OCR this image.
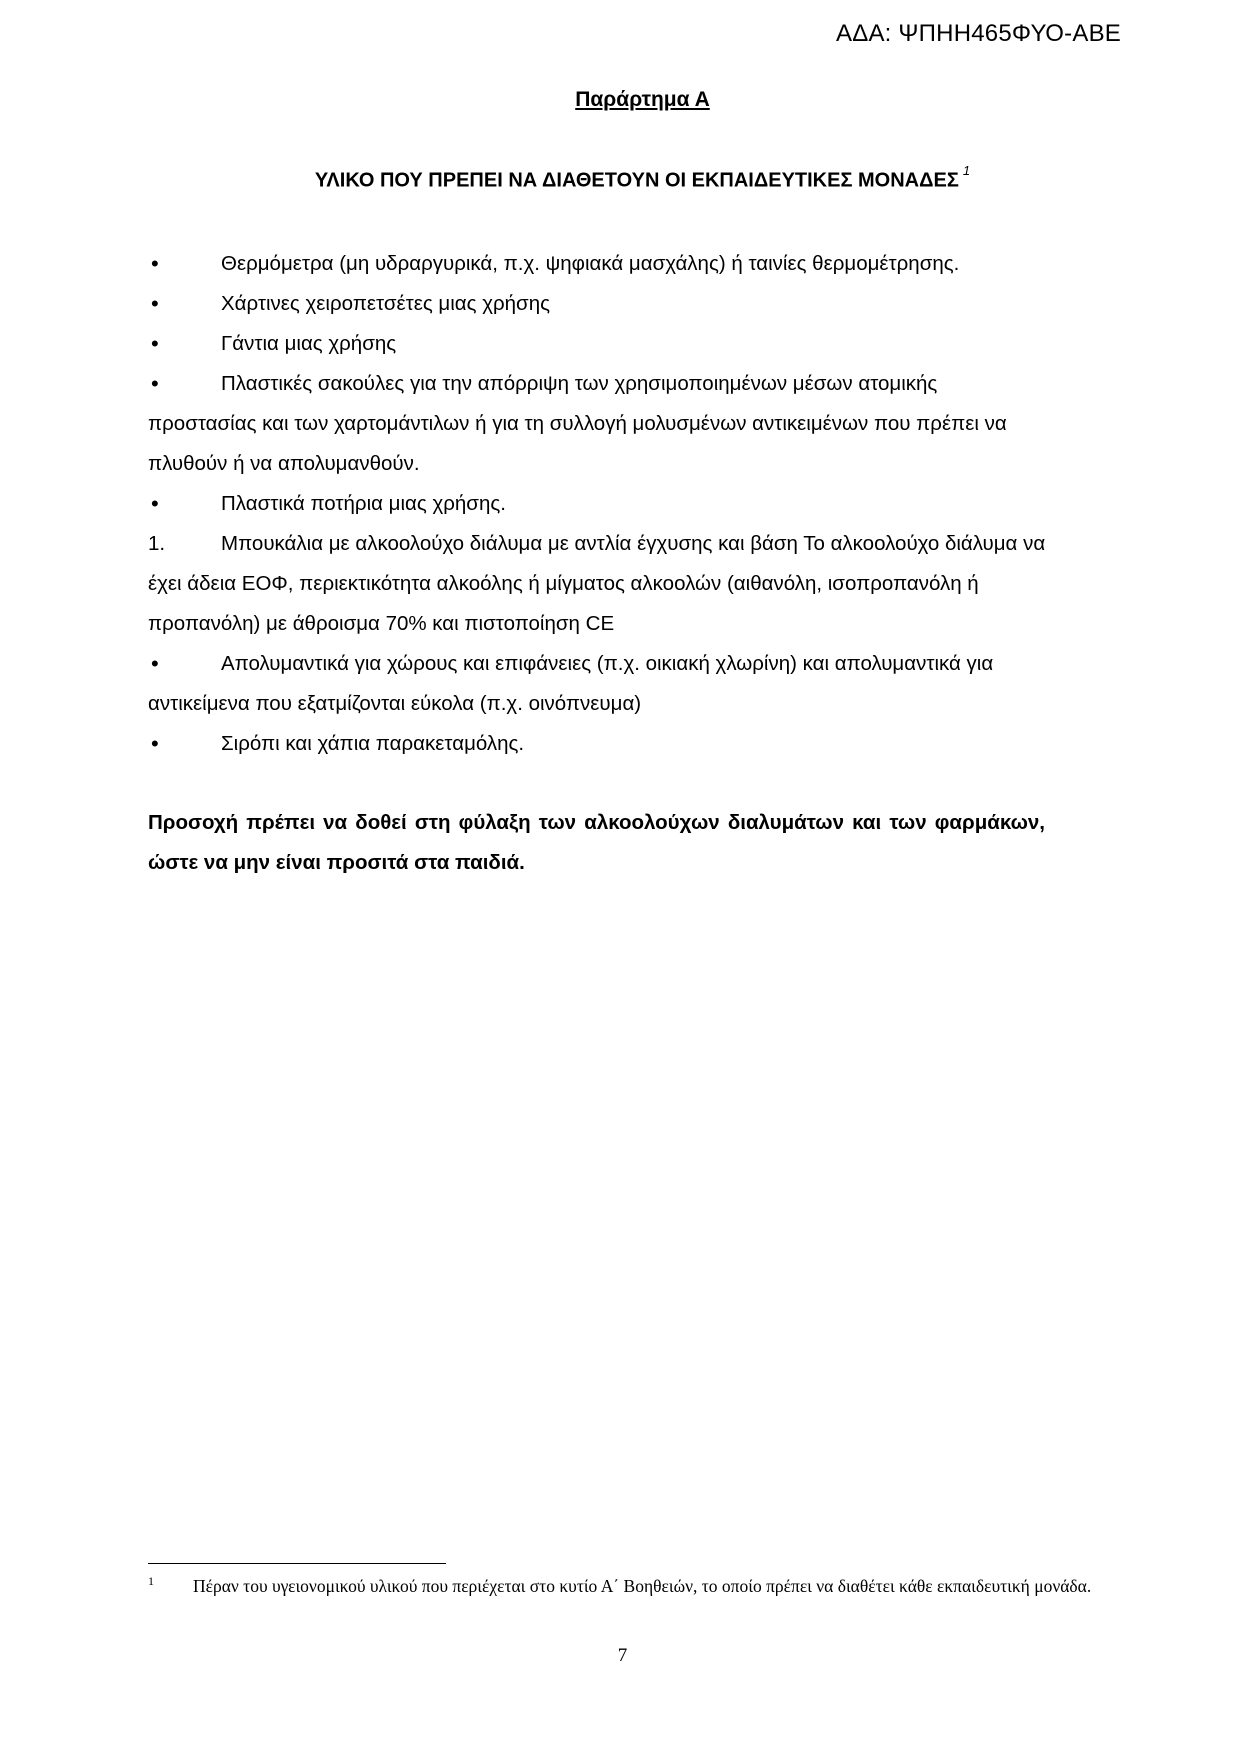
ΑΔΑ: ΨΠΗΗ465ΦΥΟ-ΑΒΕ
Παράρτημα Α
ΥΛΙΚΟ ΠΟΥ ΠΡΕΠΕΙ ΝΑ ΔΙΑΘΕΤΟΥΝ ΟΙ ΕΚΠΑΙΔΕΥΤΙΚΕΣ ΜΟΝΑΔΕΣ $^1$
•	Θερμόμετρα (μη υδραργυρικά, π.χ. ψηφιακά μασχάλης) ή ταινίες θερμομέτρησης.
•	Χάρτινες χειροπετσέτες μιας χρήσης
•	Γάντια μιας χρήσης
•	Πλαστικές σακούλες για την απόρριψη των χρησιμοποιημένων μέσων ατομικής προστασίας και των χαρτομάντιλων ή για τη συλλογή μολυσμένων αντικειμένων που πρέπει να πλυθούν ή να απολυμανθούν.
•	Πλαστικά ποτήρια μιας χρήσης.
1.	Μπουκάλια με αλκοολούχο διάλυμα με αντλία έγχυσης και βάση Το αλκοολούχο διάλυμα να έχει άδεια ΕΟΦ, περιεκτικότητα αλκοόλης ή μίγματος αλκοολών (αιθανόλη, ισοπροπανόλη ή προπανόλη) με άθροισμα 70% και πιστοποίηση CE
•	Απολυμαντικά για χώρους και επιφάνειες (π.χ. οικιακή χλωρίνη) και απολυμαντικά για αντικείμενα που εξατμίζονται εύκολα (π.χ. οινόπνευμα)
•	Σιρόπι και χάπια παρακεταμόλης.
Προσοχή πρέπει να δοθεί στη φύλαξη των αλκοολούχων διαλυμάτων και των φαρμάκων, ώστε να μην είναι προσιτά στα παιδιά.
1 Πέραν του υγειονομικού υλικού που περιέχεται στο κυτίο Α΄ Βοηθειών, το οποίο πρέπει να διαθέτει κάθε εκπαιδευτική μονάδα.
7
